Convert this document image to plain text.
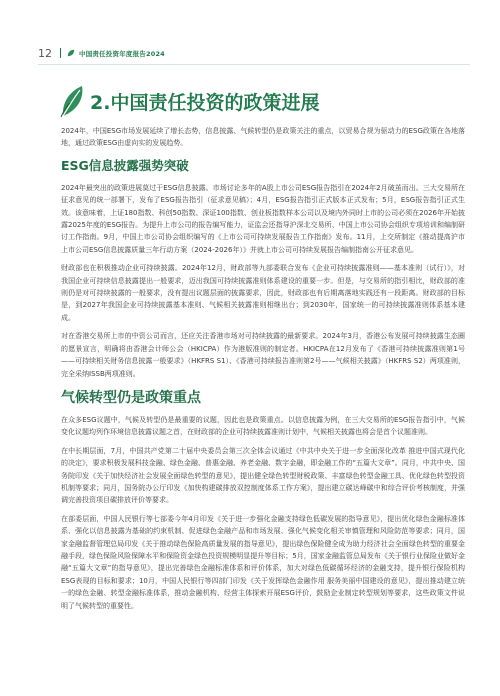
12	中国责任投资年度报告2024
2.中国责任投资的政策进展

2024年，中国ESG市场发展延续了增长态势，信息披露、气候转型仍是政策关注的重点，以贸易合规为驱动力的ESG政策在各地落地，通过政策ESG由虚向实的发展趋势。

ESG信息披露强势突破

2024年最突出的政策进展莫过于ESG信息披露。市场讨论多年的A股上市公司ESG报告指引在2024年2月破茧而出。三大交易所在征求意见的统一部署下，发布了ESG报告指引（征求意见稿）；4月，ESG报告指引正式版本正式发布；5月，ESG报告指引正式生效。该意味着，上证180指数、科创50指数、深证100指数、创业板指数样本公司以及境内外同时上市的公司必须在2026年开始披露2025年度的ESG报告。为提升上市公司的报告编写能力，证监会还指导沪深北交易所、中国上市公司协会组织专项培训和编制研讨工作指南。9月，中国上市公司协会组织编写的《上市公司可持续发展报告工作指南》发布。11月，上交所制定《推动提高沪市上市公司ESG信息披露质量三年行动方案（2024-2026年）》并就上市公司可持续发展报告编制指南公开征求意见。

财政部也在积极推动企业可持续披露。2024年12月，财政部等九部委联合发布《企业可持续披露准则——基本准则（试行）》，对我国企业可持续信息披露提出一般要求，迈出我国可持续披露准则体系建设的重要一步。但是，与交易所的指引相比，财政部的准则仍是对可持续披露的一般要求，没有提出议题层面的披露要求，因此，财政部也有后期离落地实践还有一段距离。财政部的目标是，到2027年我国企业可持续披露基本准则、气候相关披露准则相继出台；到2030年，国家统一的可持续披露准则体系基本建成。

对在香港交易所上市的中资公司而言，还应关注香港市场对可持续披露的最新要求。2024年3月，香港公布发展可持续披露生态圈的愿景宣言，明确将由香港会计师公会（HKICPA）作为港版准则的制定者。HKICPA在12月发布了《香港可持续披露准则第1号——可持续相关财务信息披露一般要求》（HKFRS S1）、《香港可持续报告准则第2号——气候相关披露》（HKFRS S2）两项准则，完全采纳ISSB两项准则。

气候转型仍是政策重点

在众多ESG议题中，气候及转型仍是最重要的议题，因此也是政策重点。以信息披露为例，在三大交易所的ESG报告指引中，气候变化议题均列作环境信息披露议题之首，在财政部的企业可持续披露准则计划中，气候相关披露也将会是首个议题准则。

在中长期层面，7月，中国共产党第二十届中央委员会第三次全体会议通过《中共中央关于进一步全面深化改革 推进中国式现代化的决定》，要求积极发展科技金融、绿色金融、普惠金融、养老金融、数字金融，即金融工作的“五篇大文章”。同月，中共中央、国务院印发《关于加快经济社会发展全面绿色转型的意见》，提出健全绿色转型财税政策、丰富绿色转型金融工具、优化绿色转型投资机制等要求；同月，国务院办公厅印发《加快构建碳排放双控制度体系工作方案》，提出建立碳达峰碳中和综合评价考核制度，并强调完善投资项目碳排放评价等要求。

在部委层面，中国人民银行等七部委今年4月印发《关于进一步强化金融支持绿色低碳发展的指导意见》，提出优化绿色金融标准体系、强化以信息披露为基础的约束机制、促进绿色金融产品和市场发展、强化气候变化相关审慎管理和风险防范等要求；同月，国家金融监督管理总局印发《关于推动绿色保险高质量发展的指导意见》，提出绿色保险健全成为助力经济社会全面绿色转型的重要金融手段，绿色保险风险保障水平和保险资金绿色投资规模明显提升等目标；5月，国家金融监管总局发布《关于银行业保险业做好金融“五篇大文章”的指导意见》，提出完善绿色金融标准体系和评价体系，加大对绿色低碳循环经济的金融支持，提升银行保险机构ESG表现的目标和要求；10月，中国人民银行等四部门印发《关于发挥绿色金融作用 服务美丽中国建设的意见》，提出推动建立统一的绿色金融、转型金融标准体系，推动金融机构、经营主体探索开展ESG评价，鼓励企业制定转型规划等要求，这些政策文件说明了气候转型的重要性。
